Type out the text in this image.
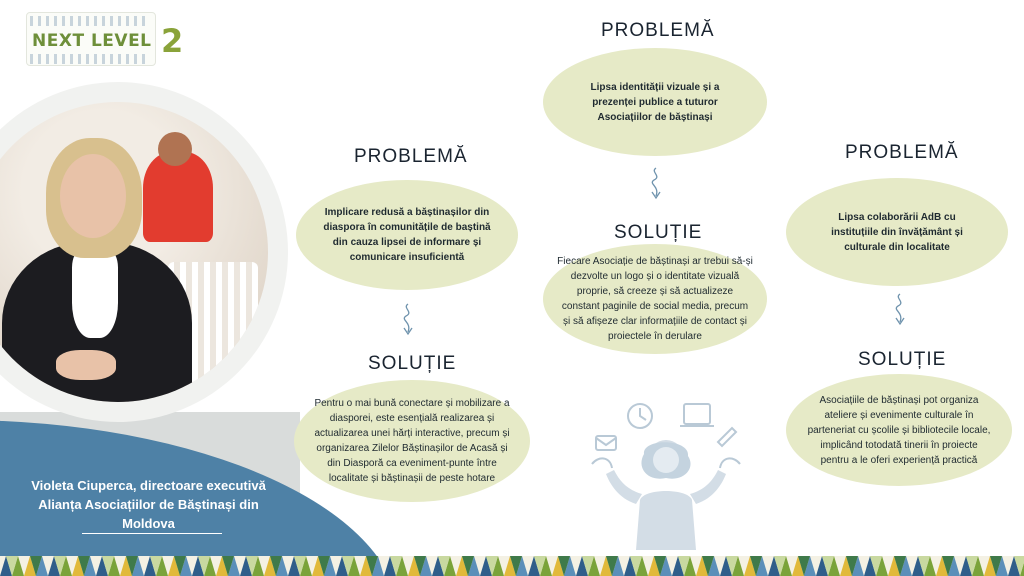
NEXT LEVEL 2
Violeta Ciuperca, directoare executivă
Alianța Asociațiilor de Băștinași din
Moldova
PROBLEMĂ
Implicare redusă a băștinașilor din diaspora în comunitățile de baștină din cauza lipsei de informare și comunicare insuficientă
SOLUȚIE
Pentru o mai bună conectare și mobilizare a diasporei, este esențială realizarea și actualizarea unei hărți interactive, precum și organizarea Zilelor Băștinașilor de Acasă și din Diasporă ca eveniment-punte între localitate și băștinașii de peste hotare
PROBLEMĂ
Lipsa identității vizuale și a prezenței publice a tuturor Asociațiilor de băștinași
SOLUȚIE
Fiecare Asociație de băștinași ar trebui să-și dezvolte un logo și o identitate vizuală proprie, să creeze și să actualizeze constant paginile de social media, precum și să afișeze clar informațiile de contact și proiectele în derulare
PROBLEMĂ
Lipsa colaborării AdB cu instituțiile din învățământ și culturale din localitate
SOLUȚIE
Asociațiile de băștinași pot organiza ateliere și evenimente culturale în parteneriat cu școlile și bibliotecile locale, implicând totodată tinerii în proiecte pentru a le oferi experiență practică
